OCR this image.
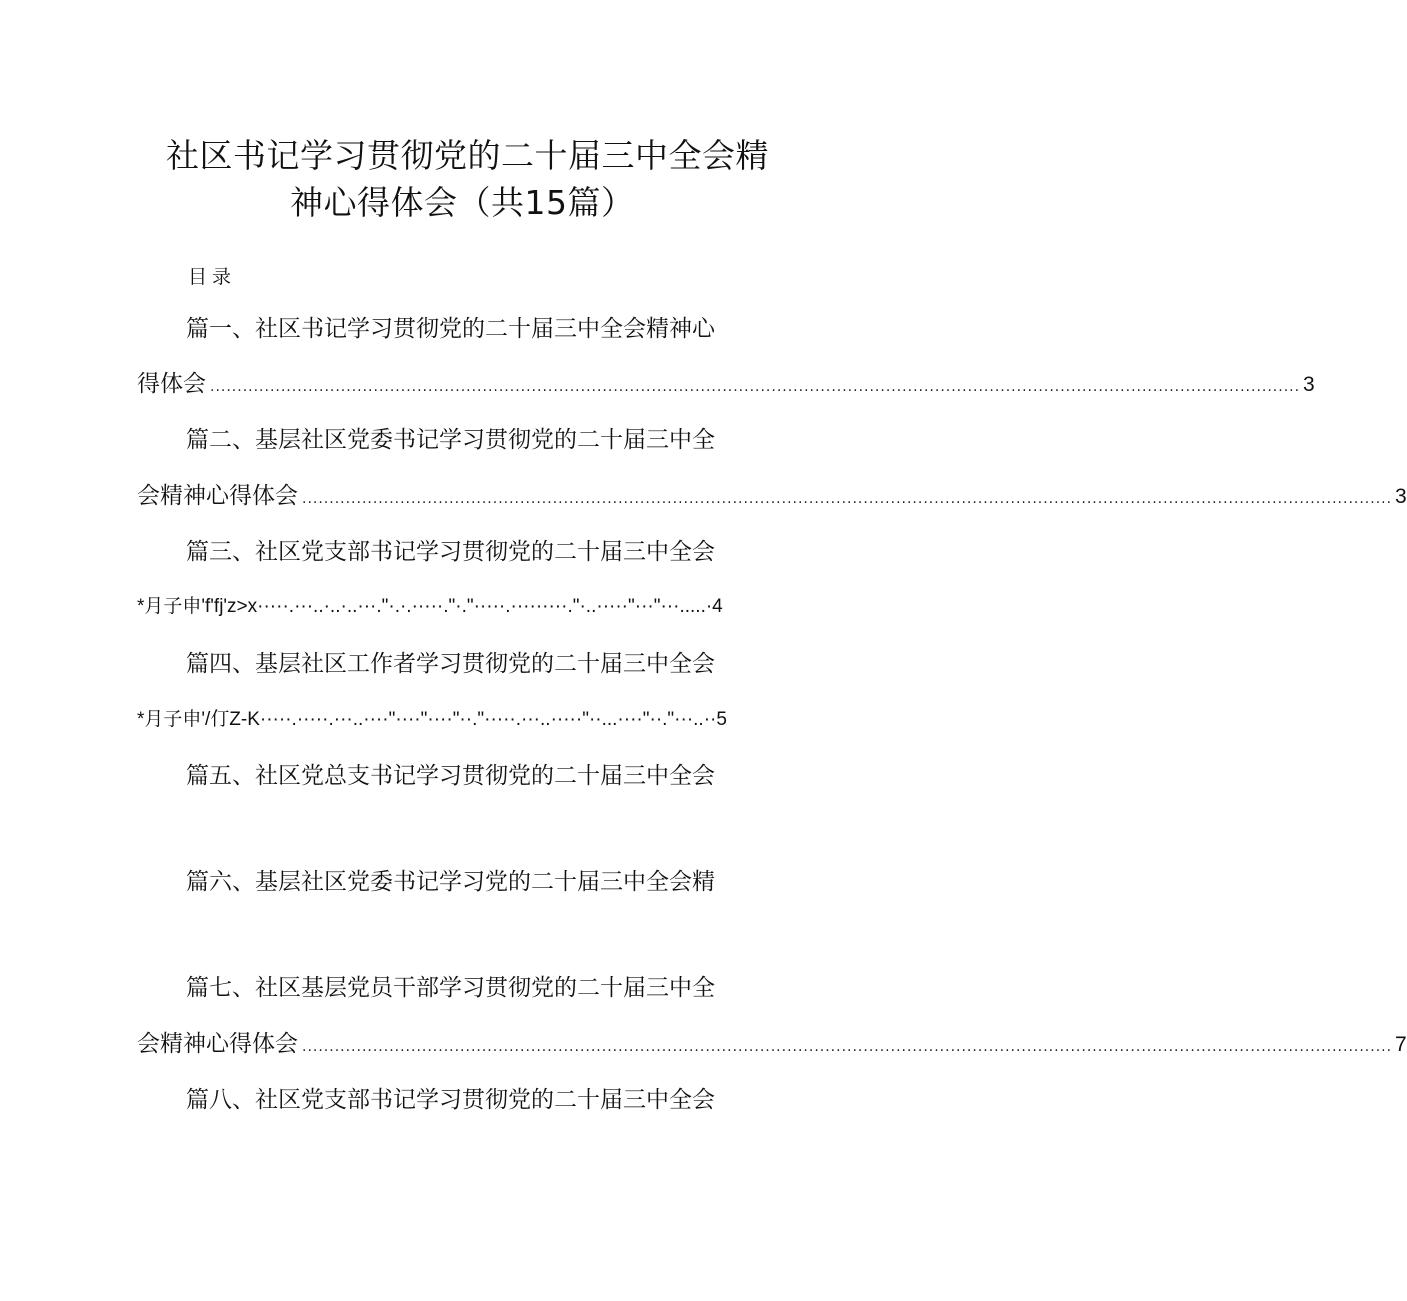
社区书记学习贯彻党的二十届三中全会精
神心得体会（共15篇）
目录
篇一、社区书记学习贯彻党的二十届三中全会精神心
得体会 ........................................................................................................................................................................................................ 3
篇二、基层社区党委书记学习贯彻党的二十届三中全
会精神心得体会 ........................................................................................................................................................................................................ 3
篇三、社区党支部书记学习贯彻党的二十届三中全会
*月子申'f'fj'z>x·····.···..·..·..···."·.·.·····."·."·····.·········."·..·····"···"···.....·4
篇四、基层社区工作者学习贯彻党的二十届三中全会
*月子申'/仃Z-K·····.·····.···..····"····"····"··."·····.···..·····"··...····"··."···..··5
篇五、社区党总支书记学习贯彻党的二十届三中全会
篇六、基层社区党委书记学习党的二十届三中全会精
篇七、社区基层党员干部学习贯彻党的二十届三中全
会精神心得体会 ........................................................................................................................................................................................................ 7
篇八、社区党支部书记学习贯彻党的二十届三中全会
